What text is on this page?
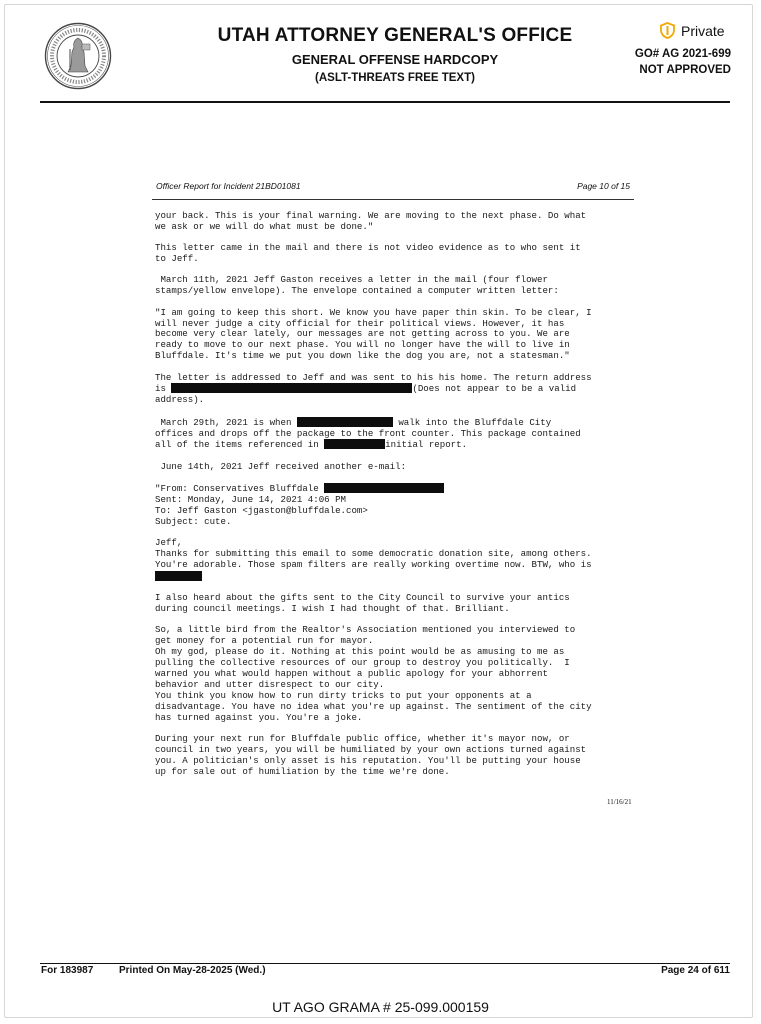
UTAH ATTORNEY GENERAL'S OFFICE
GENERAL OFFENSE HARDCOPY
(ASLT-THREATS FREE TEXT)
Private
GO# AG 2021-699
NOT APPROVED
Officer Report for Incident 21BD01081	Page 10 of 15
your back. This is your final warning. We are moving to the next phase. Do what
we ask or we will do what must be done."
This letter came in the mail and there is not video evidence as to who sent it
to Jeff.
March 11th, 2021 Jeff Gaston receives a letter in the mail (four flower
stamps/yellow envelope). The envelope contained a computer written letter:
"I am going to keep this short. We know you have paper thin skin. To be clear, I
will never judge a city official for their political views. However, it has
become very clear lately, our messages are not getting across to you. We are
ready to move to our next phase. You will no longer have the will to live in
Bluffdale. It's time we put you down like the dog you are, not a statesman."
The letter is addressed to Jeff and was sent to his his home. The return address
is	(Does not appear to be a valid
address).
March 29th, 2021 is when	walk into the Bluffdale City
offices and drops off the package to the front counter. This package contained
all of the items referenced in	initial report.
June 14th, 2021 Jeff received another e-mail:
"From: Conservatives Bluffdale
Sent: Monday, June 14, 2021 4:06 PM
To: Jeff Gaston <jgaston@bluffdale.com>
Subject: cute.
Jeff,
Thanks for submitting this email to some democratic donation site, among others.
You're adorable. Those spam filters are really working overtime now. BTW, who is

I also heard about the gifts sent to the City Council to survive your antics
during council meetings. I wish I had thought of that. Brilliant.
So, a little bird from the Realtor's Association mentioned you interviewed to
get money for a potential run for mayor.
Oh my god, please do it. Nothing at this point would be as amusing to me as
pulling the collective resources of our group to destroy you politically.  I
warned you what would happen without a public apology for your abhorrent
behavior and utter disrespect to our city.
You think you know how to run dirty tricks to put your opponents at a
disadvantage. You have no idea what you're up against. The sentiment of the city
has turned against you. You're a joke.
During your next run for Bluffdale public office, whether it's mayor now, or
council in two years, you will be humiliated by your own actions turned against
you. A politician's only asset is his reputation. You'll be putting your house
up for sale out of humiliation by the time we're done.
11/16/21
For 183987	Printed On May-28-2025 (Wed.)	Page 24 of 611
UT AGO GRAMA # 25-099.000159
